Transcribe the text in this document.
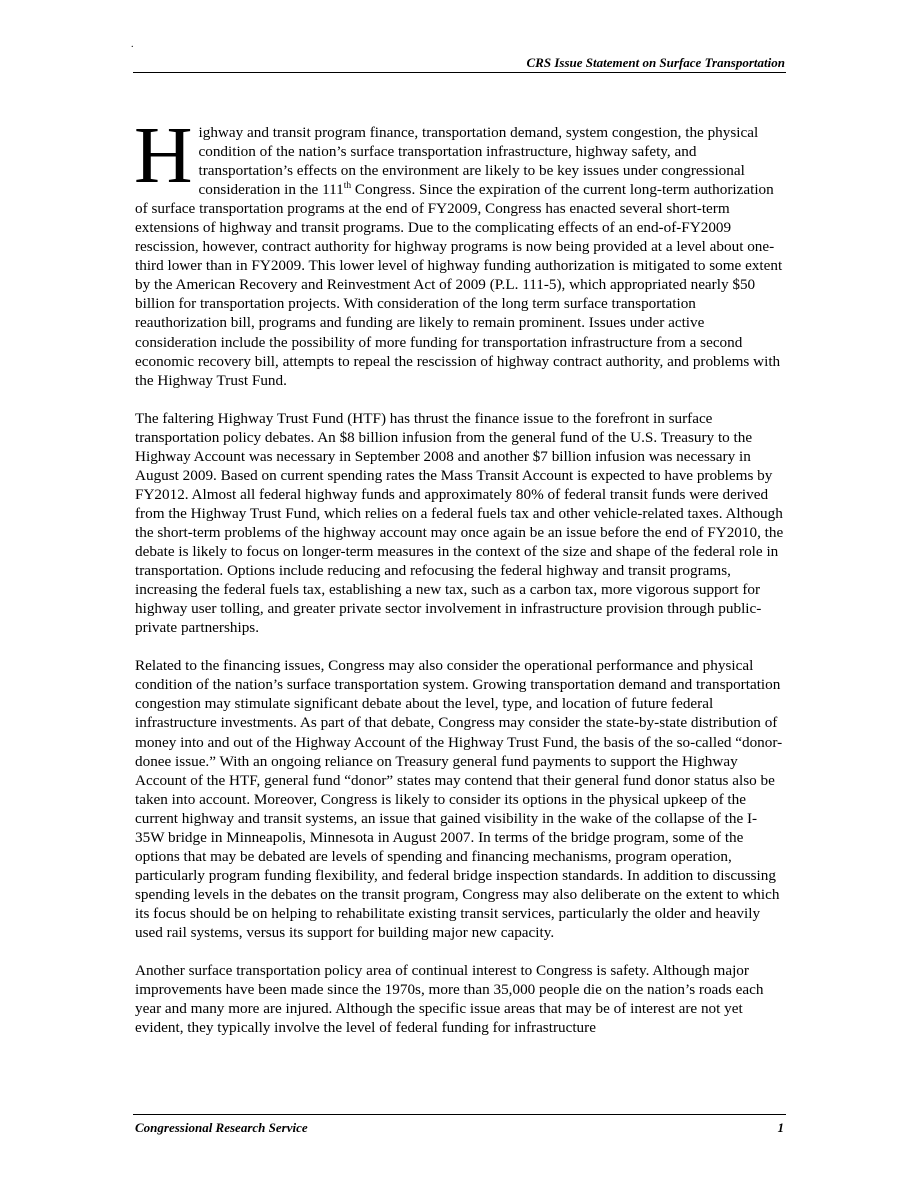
.
CRS Issue Statement on Surface Transportation

Highway and transit program finance, transportation demand, system congestion, the physical condition of the nation’s surface transportation infrastructure, highway safety, and transportation’s effects on the environment are likely to be key issues under congressional consideration in the 111th Congress. Since the expiration of the current long-term authorization of surface transportation programs at the end of FY2009, Congress has enacted several short-term extensions of highway and transit programs. Due to the complicating effects of an end-of-FY2009 rescission, however, contract authority for highway programs is now being provided at a level about one-third lower than in FY2009. This lower level of highway funding authorization is mitigated to some extent by the American Recovery and Reinvestment Act of 2009 (P.L. 111-5), which appropriated nearly $50 billion for transportation projects. With consideration of the long term surface transportation reauthorization bill, programs and funding are likely to remain prominent. Issues under active consideration include the possibility of more funding for transportation infrastructure from a second economic recovery bill, attempts to repeal the rescission of highway contract authority, and problems with the Highway Trust Fund.

The faltering Highway Trust Fund (HTF) has thrust the finance issue to the forefront in surface transportation policy debates. An $8 billion infusion from the general fund of the U.S. Treasury to the Highway Account was necessary in September 2008 and another $7 billion infusion was necessary in August 2009. Based on current spending rates the Mass Transit Account is expected to have problems by FY2012. Almost all federal highway funds and approximately 80% of federal transit funds were derived from the Highway Trust Fund, which relies on a federal fuels tax and other vehicle-related taxes. Although the short-term problems of the highway account may once again be an issue before the end of FY2010, the debate is likely to focus on longer-term measures in the context of the size and shape of the federal role in transportation. Options include reducing and refocusing the federal highway and transit programs, increasing the federal fuels tax, establishing a new tax, such as a carbon tax, more vigorous support for highway user tolling, and greater private sector involvement in infrastructure provision through public-private partnerships.

Related to the financing issues, Congress may also consider the operational performance and physical condition of the nation’s surface transportation system. Growing transportation demand and transportation congestion may stimulate significant debate about the level, type, and location of future federal infrastructure investments. As part of that debate, Congress may consider the state-by-state distribution of money into and out of the Highway Account of the Highway Trust Fund, the basis of the so-called “donor-donee issue.” With an ongoing reliance on Treasury general fund payments to support the Highway Account of the HTF, general fund “donor” states may contend that their general fund donor status also be taken into account. Moreover, Congress is likely to consider its options in the physical upkeep of the current highway and transit systems, an issue that gained visibility in the wake of the collapse of the I-35W bridge in Minneapolis, Minnesota in August 2007. In terms of the bridge program, some of the options that may be debated are levels of spending and financing mechanisms, program operation, particularly program funding flexibility, and federal bridge inspection standards. In addition to discussing spending levels in the debates on the transit program, Congress may also deliberate on the extent to which its focus should be on helping to rehabilitate existing transit services, particularly the older and heavily used rail systems, versus its support for building major new capacity.

Another surface transportation policy area of continual interest to Congress is safety. Although major improvements have been made since the 1970s, more than 35,000 people die on the nation’s roads each year and many more are injured. Although the specific issue areas that may be of interest are not yet evident, they typically involve the level of federal funding for infrastructure

Congressional Research Service	1
